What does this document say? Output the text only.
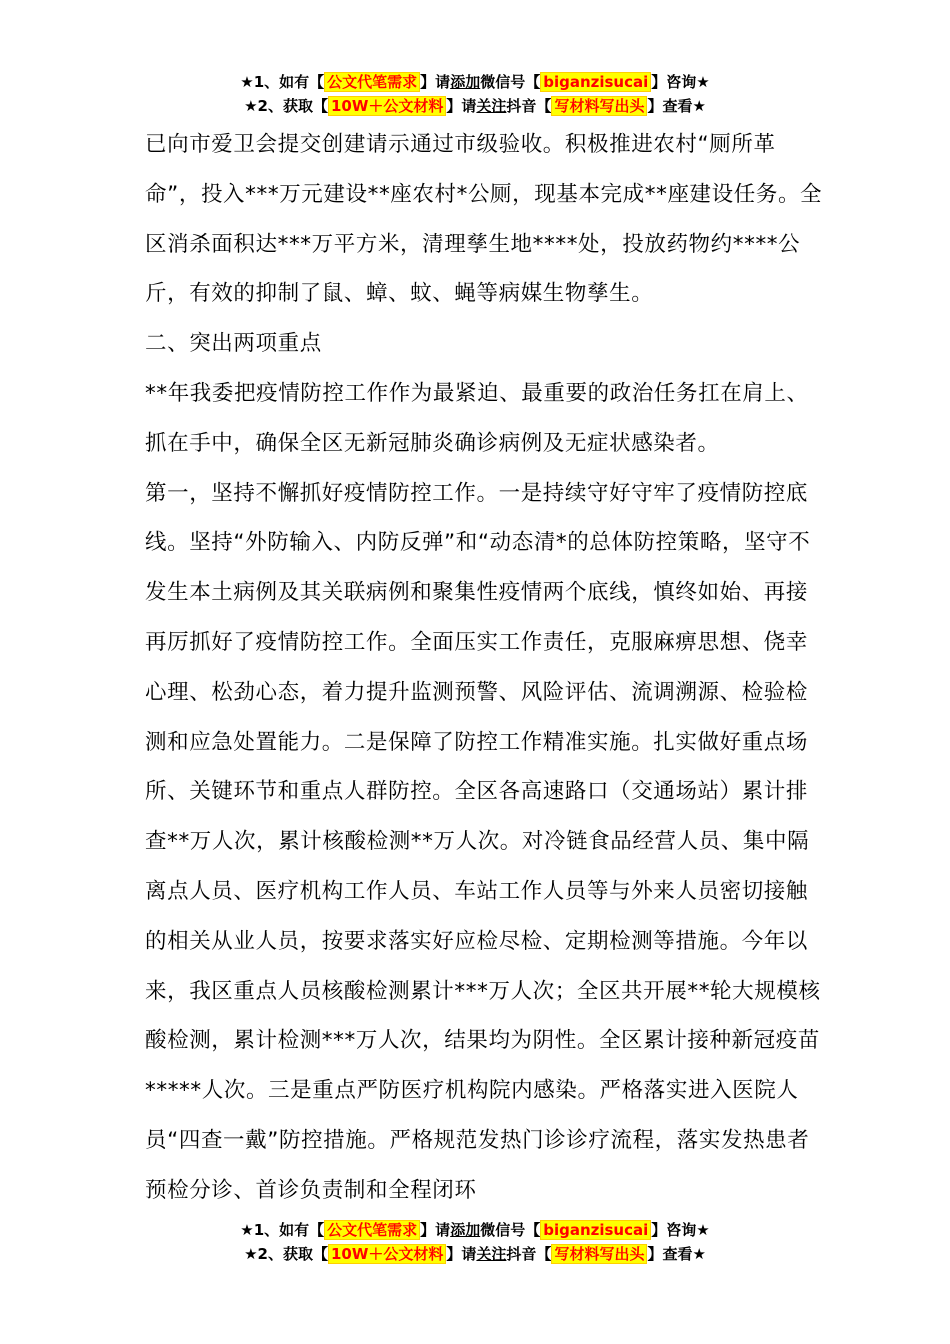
★1、如有【 公文代笔需求 】请添加微信号【 biganzisucai 】咨询★
★2、获取【 10W＋公文材料 】请关注抖音【 写材料写出头 】查看★

已向市爱卫会提交创建请示通过市级验收。积极推进农村“厕所革命”，投入***万元建设**座农村*公厕，现基本完成**座建设任务。全区消杀面积达***万平方米，清理孳生地****处，投放药物约****公斤，有效的抑制了鼠、蟑、蚊、蝇等病媒生物孳生。

二、突出两项重点

**年我委把疫情防控工作作为最紧迫、最重要的政治任务扛在肩上、抓在手中，确保全区无新冠肺炎确诊病例及无症状感染者。

第一，坚持不懈抓好疫情防控工作。一是持续守好守牢了疫情防控底线。坚持“外防输入、内防反弹”和“动态清*的总体防控策略，坚守不发生本土病例及其关联病例和聚集性疫情两个底线，慎终如始、再接再厉抓好了疫情防控工作。全面压实工作责任，克服麻痹思想、侥幸心理、松劲心态，着力提升监测预警、风险评估、流调溯源、检验检测和应急处置能力。二是保障了防控工作精准实施。扎实做好重点场所、关键环节和重点人群防控。全区各高速路口（交通场站）累计排查**万人次，累计核酸检测**万人次。对冷链食品经营人员、集中隔离点人员、医疗机构工作人员、车站工作人员等与外来人员密切接触的相关从业人员，按要求落实好应检尽检、定期检测等措施。今年以来，我区重点人员核酸检测累计***万人次；全区共开展**轮大规模核酸检测，累计检测***万人次，结果均为阴性。全区累计接种新冠疫苗*****人次。三是重点严防医疗机构院内感染。严格落实进入医院人员“四查一戴”防控措施。严格规范发热门诊诊疗流程，落实发热患者预检分诊、首诊负责制和全程闭环

★1、如有【 公文代笔需求 】请添加微信号【 biganzisucai 】咨询★
★2、获取【 10W＋公文材料 】请关注抖音【 写材料写出头 】查看★
